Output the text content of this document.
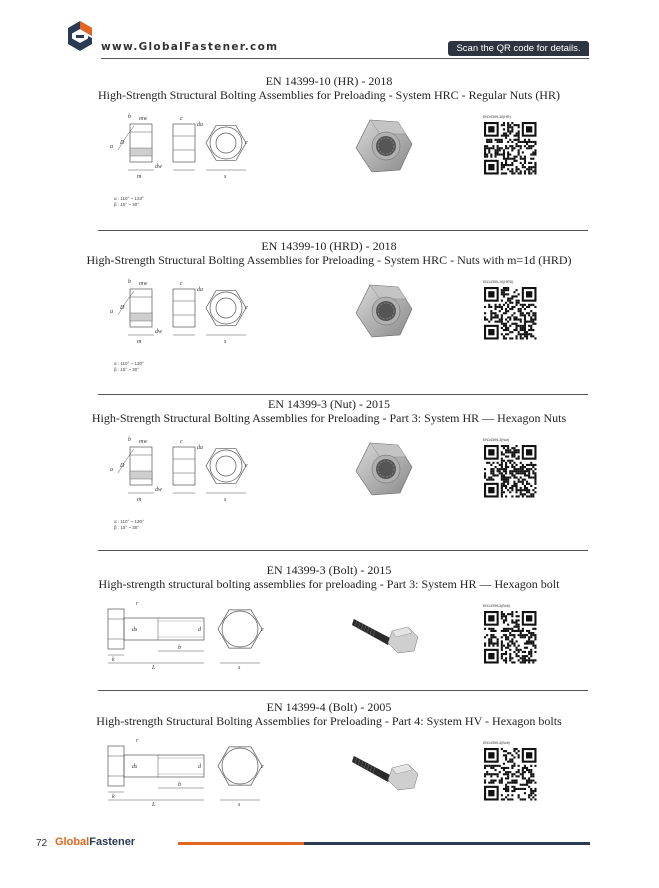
www.GlobalFastener.com	Scan the QR code for details.
EN 14399-10 (HR) - 2018
High-Strength Structural Bolting Assemblies for Preloading - System HRC - Regular Nuts (HR)
b
a
D
m
mw
dw
c
e
s
da
α : 110° ~ 133°
β : 15° ~ 30°
EN14399-10(HR)
EN 14399-10 (HRD) - 2018
High-Strength Structural Bolting Assemblies for Preloading - System HRC - Nuts with m=1d (HRD)
b
a
D
m
mw
dw
c
e
s
da
α : 110° ~ 130°
β : 15° ~ 30°
EN14399-10(HRD)
EN 14399-3 (Nut) - 2015
High-Strength Structural Bolting Assemblies for Preloading - Part 3: System HR — Hexagon Nuts
b
a
D
m
mw
dw
c
e
s
da
α : 110° ~ 130°
β : 15° ~ 30°
EN14399-3(Nut)
EN 14399-3 (Bolt) - 2015
High-strength structural bolting assemblies for preloading - Part 3: System HR — Hexagon bolt
r
k
b
L
d
ds	e
s
EN14399-3(Bolt)
EN 14399-4 (Bolt) - 2005
High-strength Structural Bolting Assemblies for Preloading - Part 4: System HV - Hexagon bolts
r
k
b
L
d
ds	e
s
EN14399-4(Bolt)
72 GlobalFastener
